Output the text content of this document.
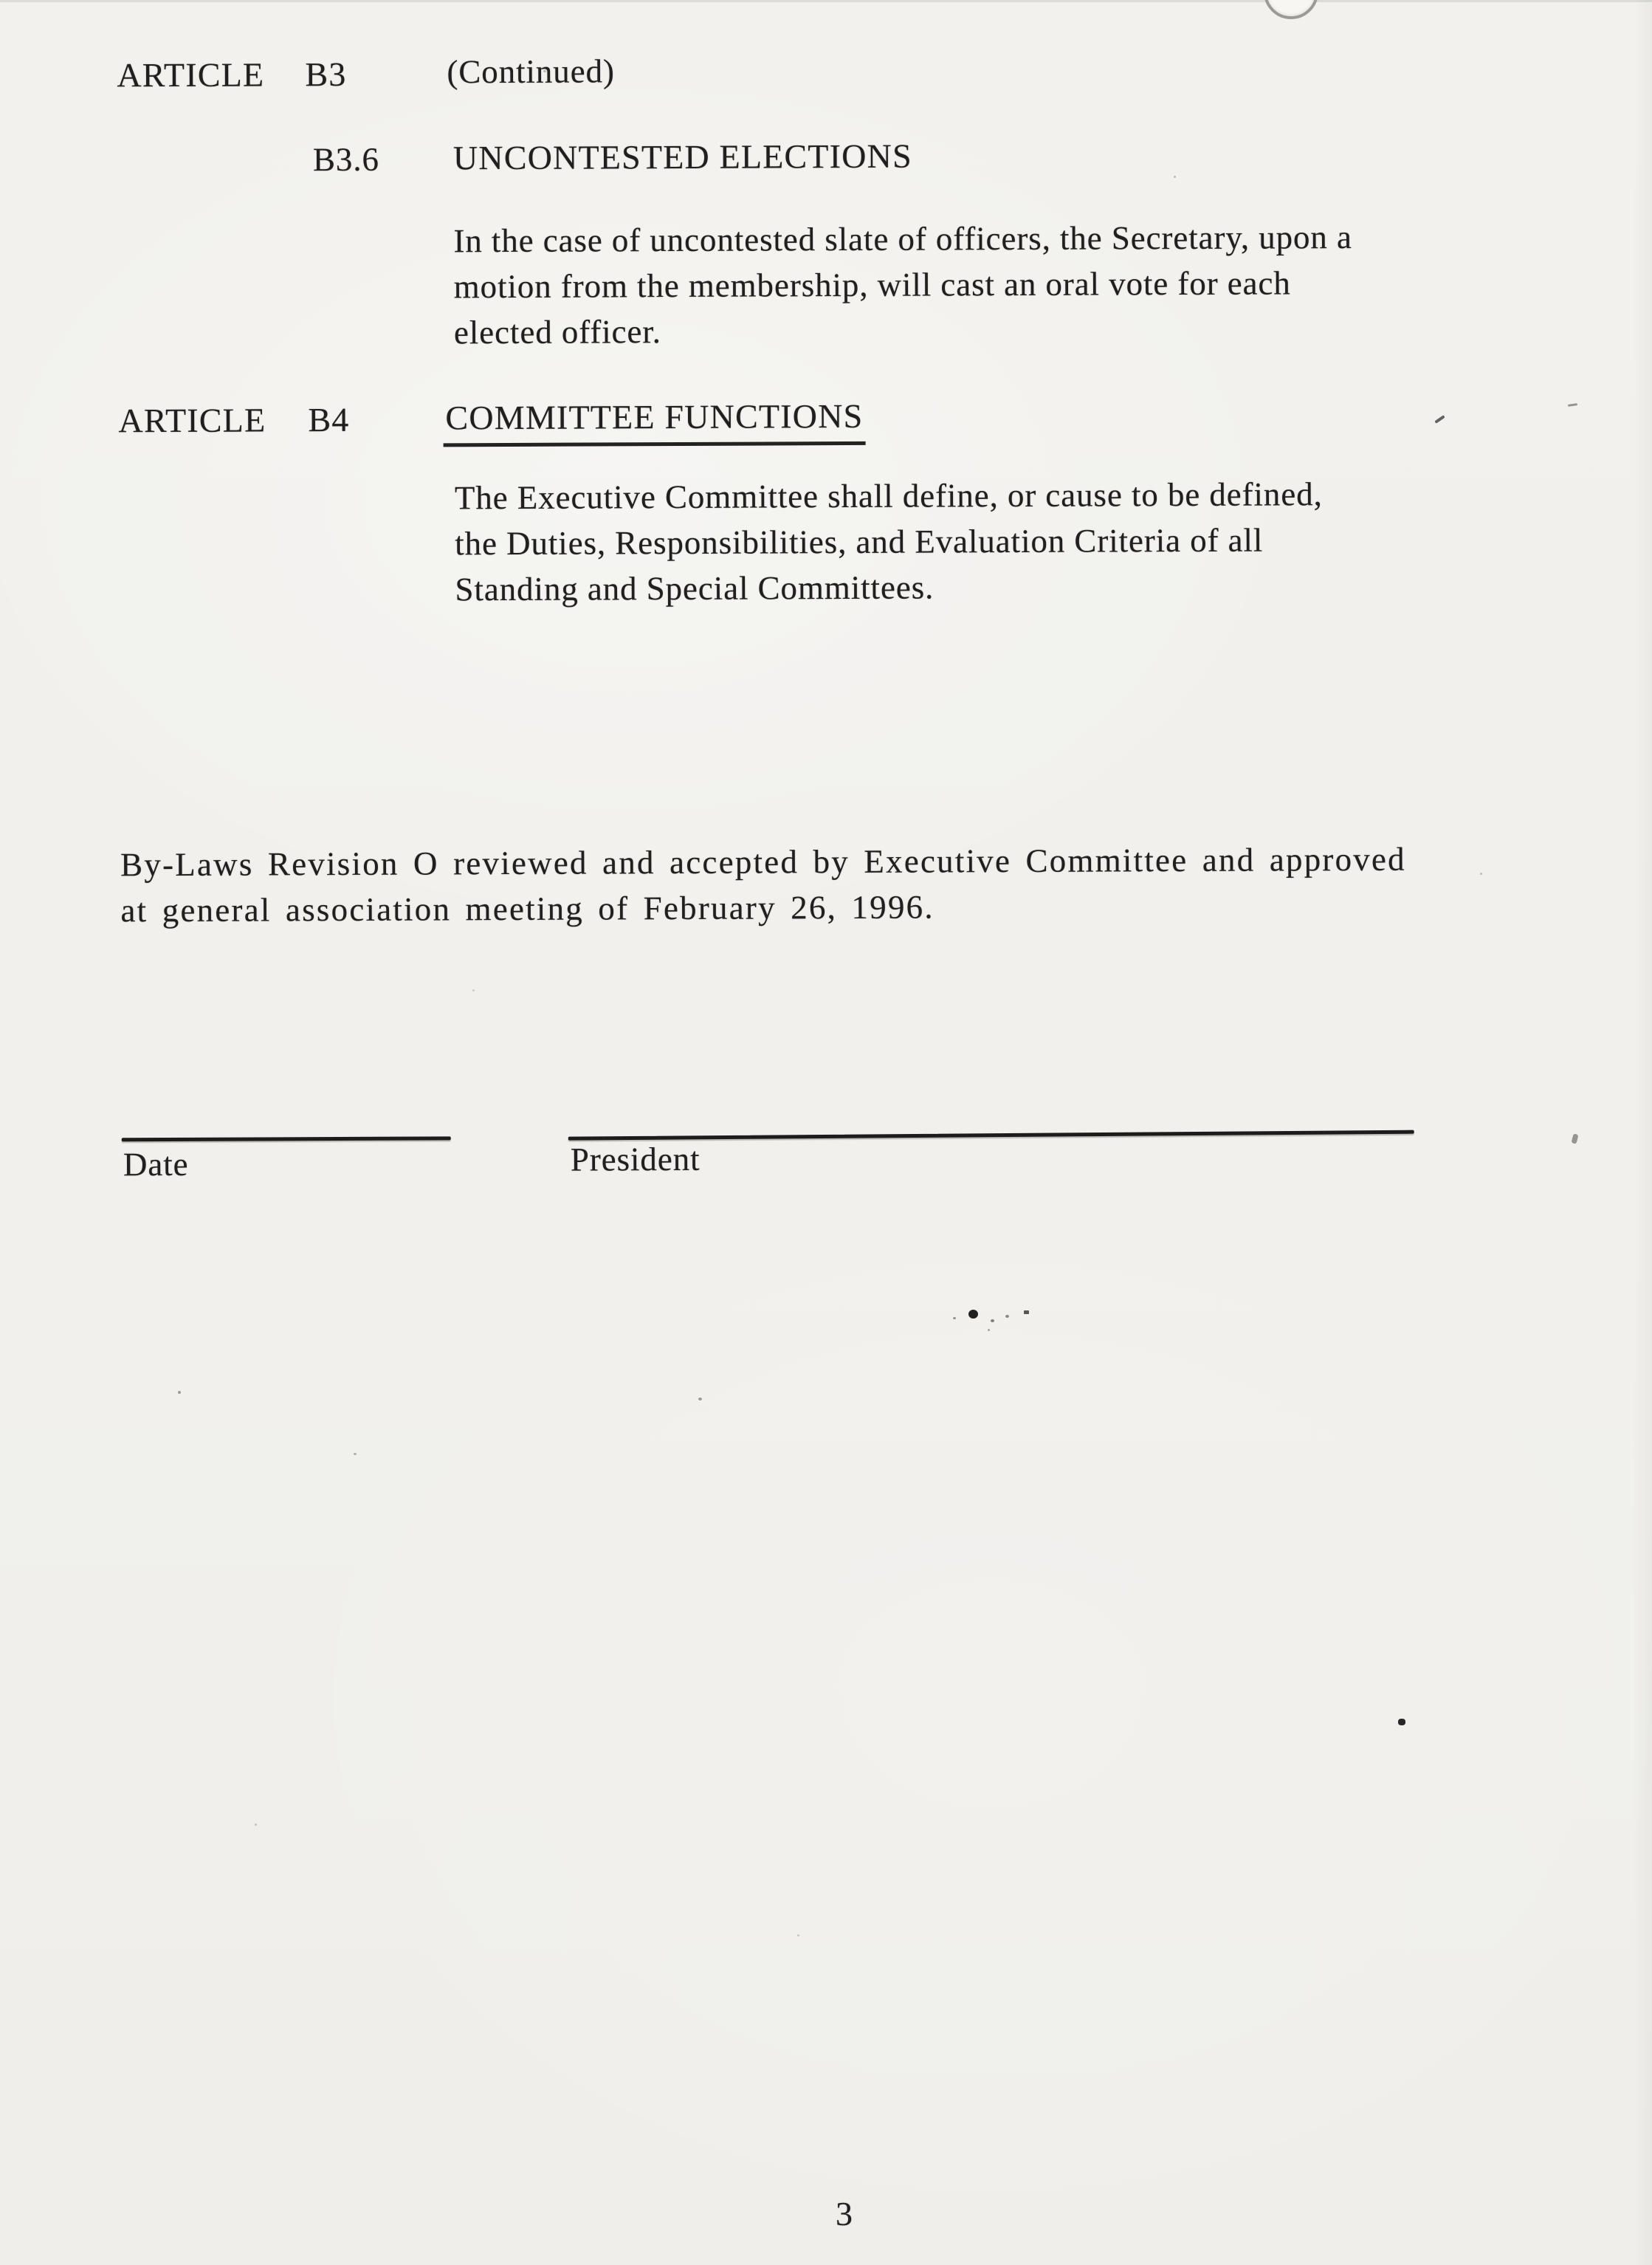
ARTICLE B3	(Continued)
B3.6 UNCONTESTED ELECTIONS
In the case of uncontested slate of officers, the Secretary, upon a
motion from the membership, will cast an oral vote for each
elected officer.
ARTICLE B4	COMMITTEE FUNCTIONS
The Executive Committee shall define, or cause to be defined,
the Duties, Responsibilities, and Evaluation Criteria of all
Standing and Special Committees.
By-Laws Revision O reviewed and accepted by Executive Committee and approved
at general association meeting of February 26, 1996.
Date	President
3
